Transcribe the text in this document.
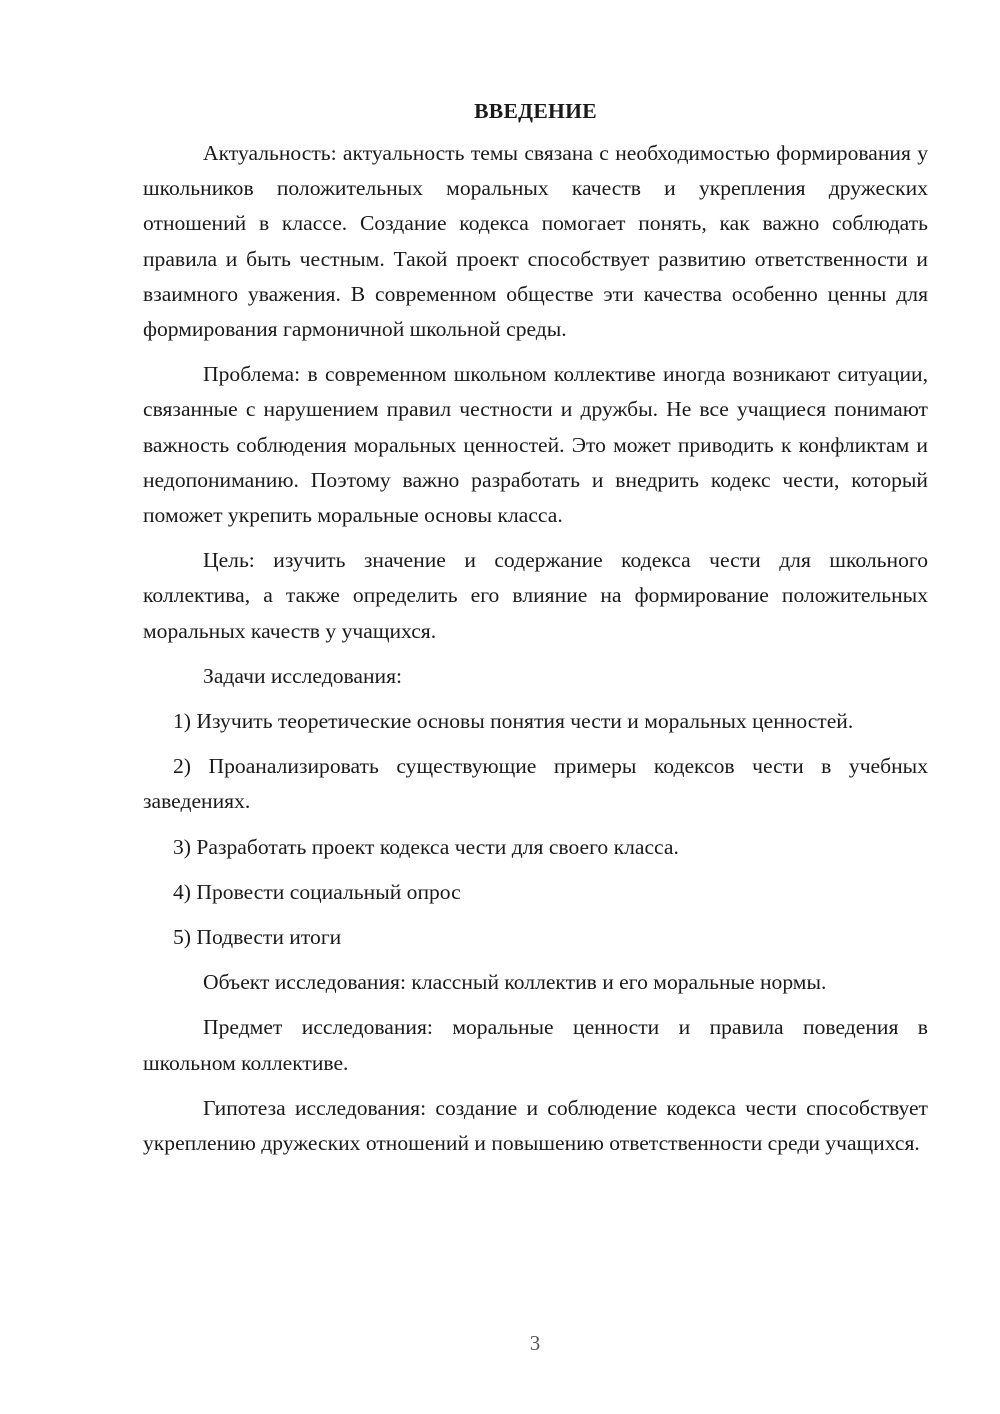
ВВЕДЕНИЕ
Актуальность: актуальность темы связана с необходимостью формирования у школьников положительных моральных качеств и укрепления дружеских отношений в классе. Создание кодекса помогает понять, как важно соблюдать правила и быть честным. Такой проект способствует развитию ответственности и взаимного уважения. В современном обществе эти качества особенно ценны для формирования гармоничной школьной среды.
Проблема: в современном школьном коллективе иногда возникают ситуации, связанные с нарушением правил честности и дружбы. Не все учащиеся понимают важность соблюдения моральных ценностей. Это может приводить к конфликтам и недопониманию. Поэтому важно разработать и внедрить кодекс чести, который поможет укрепить моральные основы класса.
Цель: изучить значение и содержание кодекса чести для школьного коллектива, а также определить его влияние на формирование положительных моральных качеств у учащихся.
Задачи исследования:
1) Изучить теоретические основы понятия чести и моральных ценностей.
2) Проанализировать существующие примеры кодексов чести в учебных заведениях.
3) Разработать проект кодекса чести для своего класса.
4) Провести социальный опрос
5) Подвести итоги
Объект исследования: классный коллектив и его моральные нормы.
Предмет исследования: моральные ценности и правила поведения в школьном коллективе.
Гипотеза исследования: создание и соблюдение кодекса чести способствует укреплению дружеских отношений и повышению ответственности среди учащихся.
3
